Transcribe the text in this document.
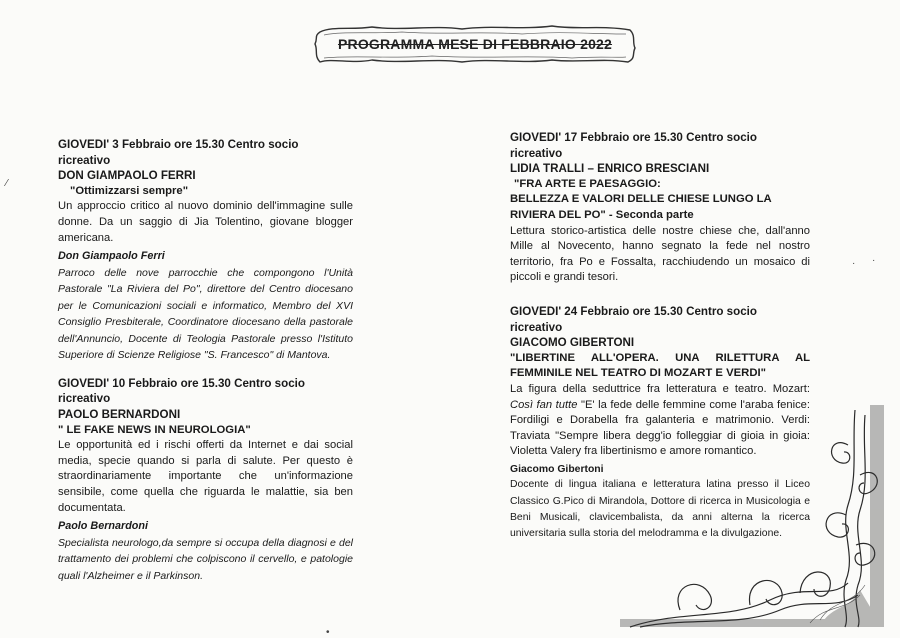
PROGRAMMA MESE DI FEBBRAIO 2022
GIOVEDI' 3 Febbraio ore 15.30 Centro socio ricreativo
DON GIAMPAOLO FERRI
"Ottimizzarsi sempre"
Un approccio critico al nuovo dominio dell'immagine sulle donne. Da un saggio di Jia Tolentino, giovane blogger americana.
Don Giampaolo Ferri
Parroco delle nove parrocchie che compongono l'Unità Pastorale "La Riviera del Po", direttore del Centro diocesano per le Comunicazioni sociali e informatico, Membro del XVI Consiglio Presbiterale, Coordinatore diocesano della pastorale dell'Annuncio, Docente di Teologia Pastorale presso l'Istituto Superiore di Scienze Religiose "S. Francesco" di Mantova.
GIOVEDI' 10 Febbraio ore 15.30 Centro socio ricreativo
PAOLO BERNARDONI
" LE FAKE NEWS IN NEUROLOGIA"
Le opportunità ed i rischi offerti da Internet e dai social media, specie quando si parla di salute. Per questo è straordinariamente importante che un'informazione sensibile, come quella che riguarda le malattie, sia ben documentata.
Paolo Bernardoni
Specialista neurologo,da sempre si occupa della diagnosi e del trattamento dei problemi che colpiscono il cervello, e patologie quali l'Alzheimer e il Parkinson.
GIOVEDI' 17 Febbraio ore 15.30 Centro socio ricreativo
LIDIA TRALLI – ENRICO BRESCIANI
"FRA ARTE E PAESAGGIO:
BELLEZZA E VALORI DELLE CHIESE LUNGO LA RIVIERA DEL PO" - Seconda parte
Lettura storico-artistica delle nostre chiese che, dall'anno Mille al Novecento, hanno segnato la fede nel nostro territorio, fra Po e Fossalta, racchiudendo un mosaico di piccoli e grandi tesori.
GIOVEDI' 24 Febbraio ore 15.30 Centro socio ricreativo
GIACOMO GIBERTONI
"LIBERTINE ALL'OPERA. UNA RILETTURA AL FEMMINILE NEL TEATRO DI MOZART E VERDI"
La figura della seduttrice fra letteratura e teatro. Mozart: Così fan tutte "E' la fede delle femmine come l'araba fenice: Fordiligi e Dorabella fra galanteria e matrimonio. Verdi: Traviata "Sempre libera degg'io folleggiar di gioia in gioia: Violetta Valery fra libertinismo e amore romantico.
Giacomo Gibertoni
Docente di lingua italiana e letteratura latina presso il Liceo Classico G.Pico di Mirandola, Dottore di ricerca in Musicologia e Beni Musicali, clavicembalista, da anni alterna la ricerca universitaria sulla storia del melodramma e la divulgazione.
⁄
· ·
•
